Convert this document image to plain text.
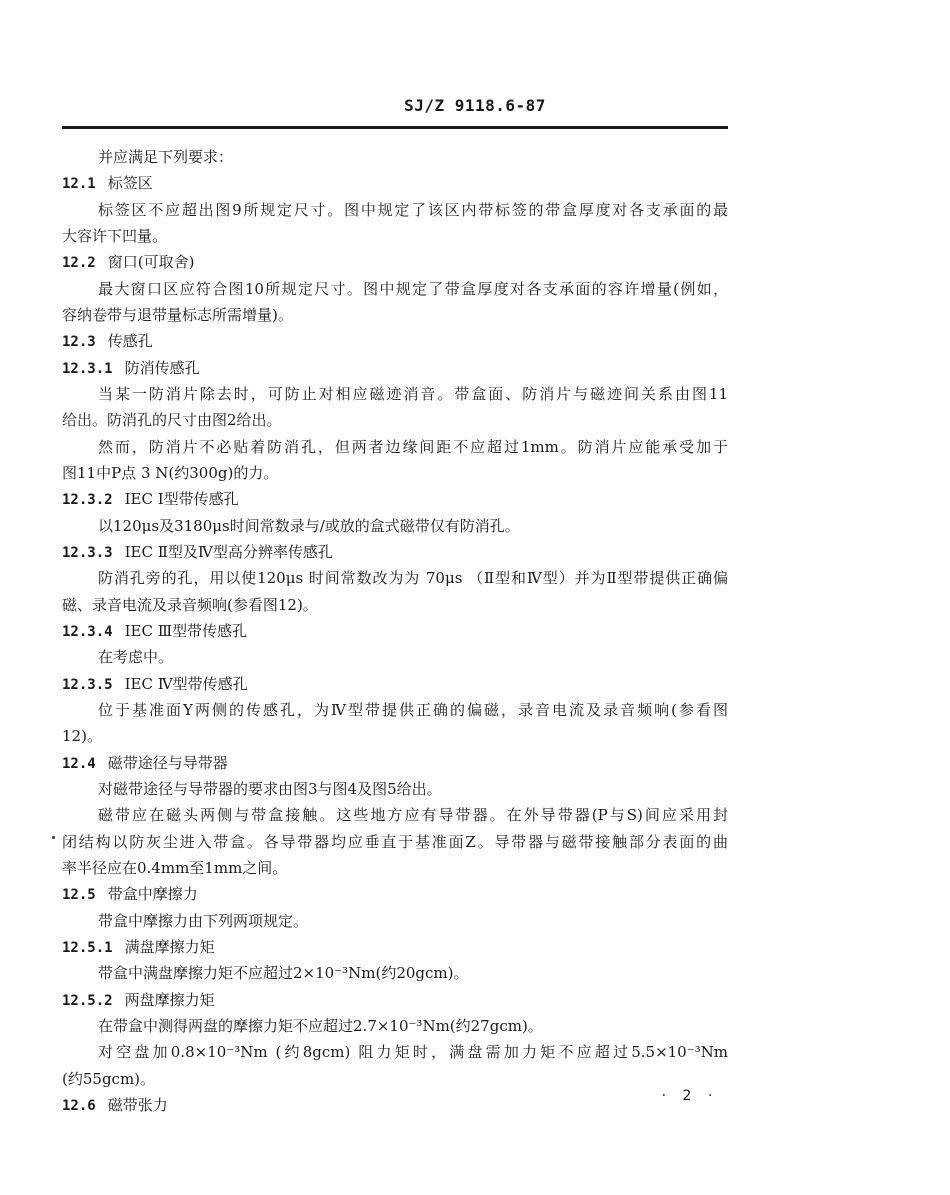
SJ/Z 9118.6-87
并应满足下列要求：
12.1 标签区
标签区不应超出图9所规定尺寸。图中规定了该区内带标签的带盒厚度对各支承面的最
大容许下凹量。
12.2 窗口(可取舍)
最大窗口区应符合图10所规定尺寸。图中规定了带盒厚度对各支承面的容许增量(例如，
容纳卷带与退带量标志所需增量)。
12.3 传感孔
12.3.1 防消传感孔
当某一防消片除去时，可防止对相应磁迹消音。带盒面、防消片与磁迹间关系由图11
给出。防消孔的尺寸由图2给出。
然而，防消片不必贴着防消孔，但两者边缘间距不应超过1mm。防消片应能承受加于
图11中P点 3 N(约300g)的力。
12.3.2 IEC Ⅰ型带传感孔
以120μs及3180μs时间常数录与/或放的盒式磁带仅有防消孔。
12.3.3 IEC Ⅱ型及Ⅳ型高分辨率传感孔
防消孔旁的孔，用以使120μs 时间常数改为为 70μs （Ⅱ型和Ⅳ型）并为Ⅱ型带提供正确偏
磁、录音电流及录音频响(参看图12)。
12.3.4 IEC Ⅲ型带传感孔
在考虑中。
12.3.5 IEC Ⅳ型带传感孔
位于基准面Y两侧的传感孔，为Ⅳ型带提供正确的偏磁，录音电流及录音频响(参看图
12)。
12.4 磁带途径与导带器
对磁带途径与导带器的要求由图3与图4及图5给出。
磁带应在磁头两侧与带盒接触。这些地方应有导带器。在外导带器(P与S)间应采用封
闭结构以防灰尘进入带盒。各导带器均应垂直于基准面Z。导带器与磁带接触部分表面的曲
率半径应在0.4mm至1mm之间。
12.5 带盒中摩擦力
带盒中摩擦力由下列两项规定。
12.5.1 满盘摩擦力矩
带盒中满盘摩擦力矩不应超过2×10⁻³Nm(约20gcm)。
12.5.2 两盘摩擦力矩
在带盒中测得两盘的摩擦力矩不应超过2.7×10⁻³Nm(约27gcm)。
对空盘加0.8×10⁻³Nm (约8gcm) 阻力矩时，满盘需加力矩不应超过5.5×10⁻³Nm
(约55gcm)。
12.6 磁带张力	· 2 ·
